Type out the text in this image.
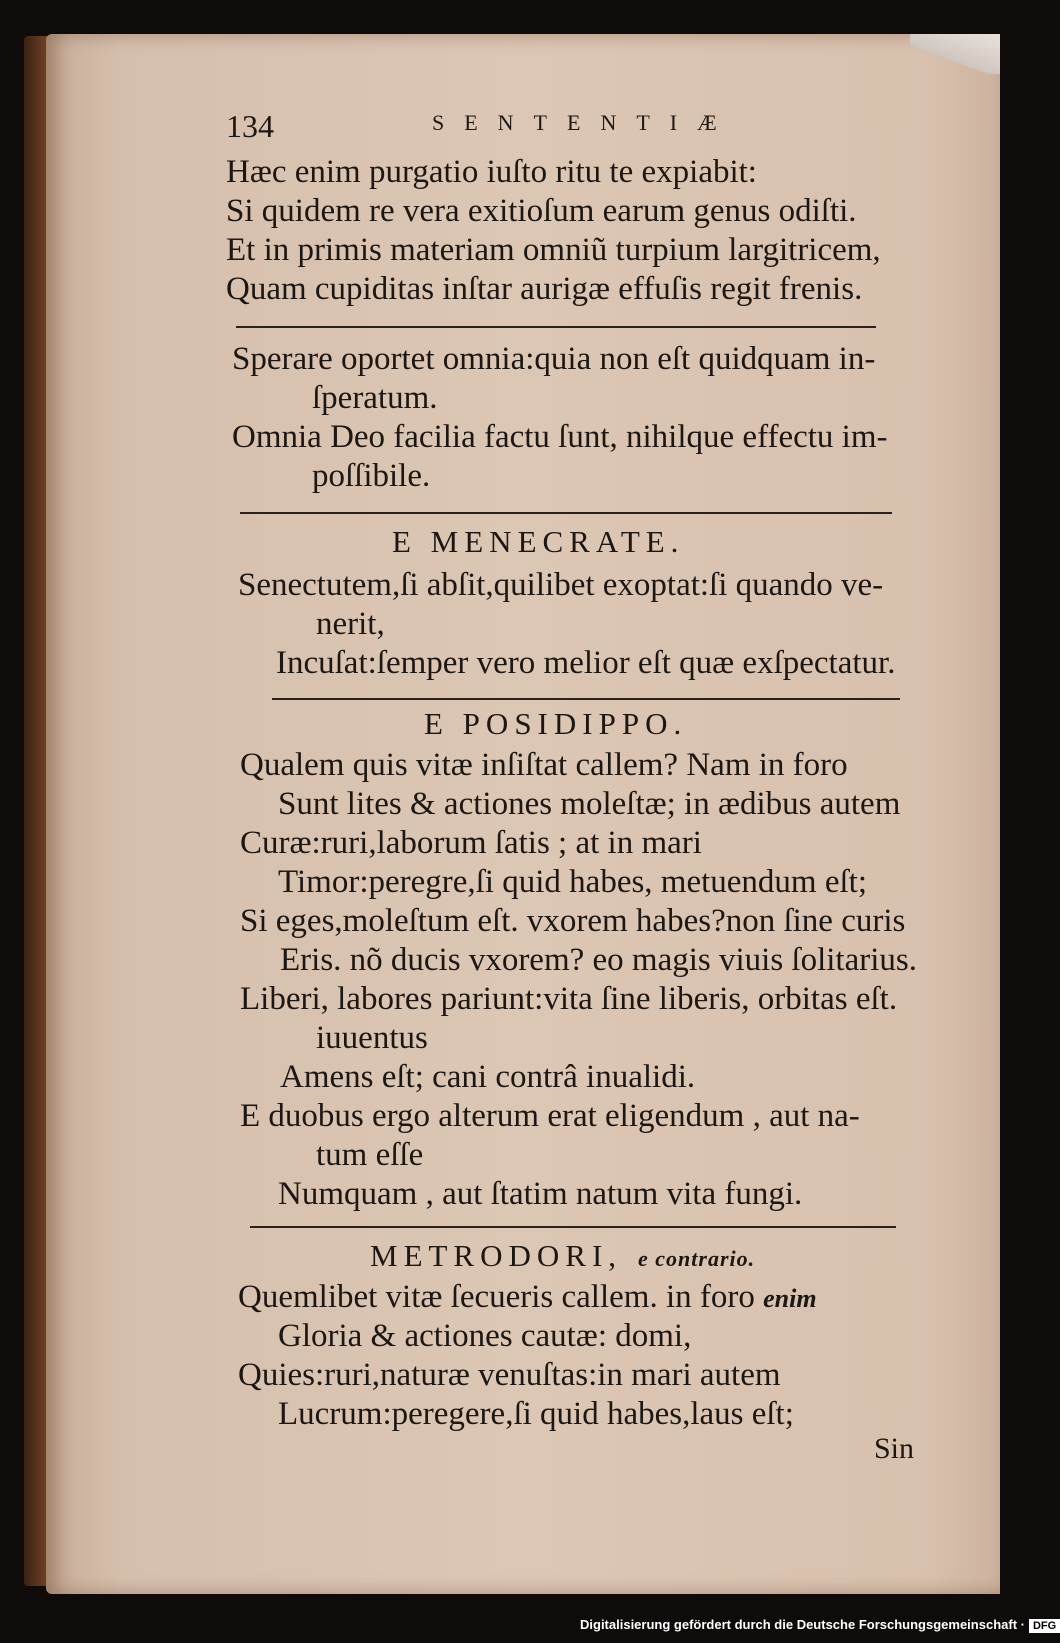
134	SENTENTIÆ
Hæc enim purgatio iuſto ritu te expiabit:
Si quidem re vera exitioſum earum genus odiſti.
Et in primis materiam omniũ turpium largitricem,
Quam cupiditas inſtar aurigæ effuſis regit frenis.
Sperare oportet omnia:quia non eſt quidquam in-
ſperatum.
Omnia Deo facilia factu ſunt, nihilque effectu im-
poſſibile.
E MENECRATE.
Senectutem,ſi abſit,quilibet exoptat:ſi quando ve-
nerit,
Incuſat:ſemper vero melior eſt quæ exſpectatur.
E POSIDIPPO.
Qualem quis vitæ inſiſtat callem? Nam in foro
Sunt lites & actiones moleſtæ; in ædibus autem
Curæ:ruri,laborum ſatis ; at in mari
Timor:peregre,ſi quid habes, metuendum eſt;
Si eges,moleſtum eſt. vxorem habes?non ſine curis
Eris. nõ ducis vxorem? eo magis viuis ſolitarius.
Liberi, labores pariunt:vita ſine liberis, orbitas eſt.
iuuentus
Amens eſt; cani contrâ inualidi.
E duobus ergo alterum erat eligendum , aut na-
tum eſſe
Numquam , aut ſtatim natum vita fungi.
METRODORI, e contrario.
Quemlibet vitæ ſecueris callem. in foro enim
Gloria & actiones cautæ: domi,
Quies:ruri,naturæ venuſtas:in mari autem
Lucrum:peregere,ſi quid habes,laus eſt;
Sin
Digitalisierung gefördert durch die Deutsche Forschungsgemeinschaft · DFG
